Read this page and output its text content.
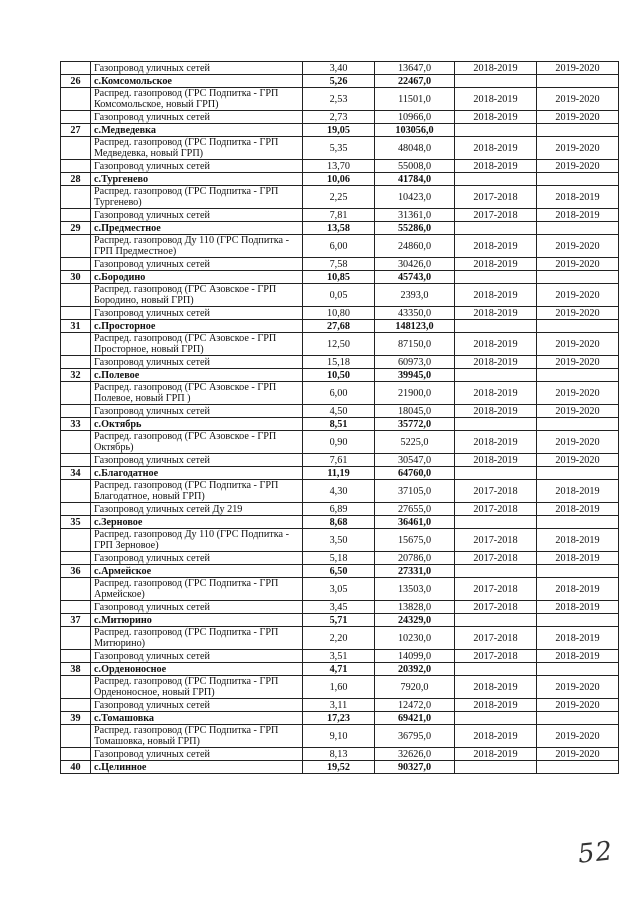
	Газопровод уличных сетей	3,40	13647,0	2018-2019	2019-2020
26	с.Комсомольское	5,26	22467,0		
	Распред. газопровод (ГРС Подпитка - ГРП Комсомольское, новый ГРП)	2,53	11501,0	2018-2019	2019-2020
	Газопровод уличных сетей	2,73	10966,0	2018-2019	2019-2020
27	с.Медведевка	19,05	103056,0		
	Распред. газопровод (ГРС Подпитка - ГРП Медведевка, новый ГРП)	5,35	48048,0	2018-2019	2019-2020
	Газопровод уличных сетей	13,70	55008,0	2018-2019	2019-2020
28	с.Тургенево	10,06	41784,0		
	Распред. газопровод (ГРС Подпитка - ГРП Тургенево)	2,25	10423,0	2017-2018	2018-2019
	Газопровод уличных сетей	7,81	31361,0	2017-2018	2018-2019
29	с.Предместное	13,58	55286,0		
	Распред. газопровод Ду 110 (ГРС Подпитка - ГРП Предместное)	6,00	24860,0	2018-2019	2019-2020
	Газопровод уличных сетей	7,58	30426,0	2018-2019	2019-2020
30	с.Бородино	10,85	45743,0		
	Распред. газопровод (ГРС Азовское - ГРП Бородино, новый ГРП)	0,05	2393,0	2018-2019	2019-2020
	Газопровод уличных сетей	10,80	43350,0	2018-2019	2019-2020
31	с.Просторное	27,68	148123,0		
	Распред. газопровод (ГРС Азовское - ГРП Просторное, новый ГРП)	12,50	87150,0	2018-2019	2019-2020
	Газопровод уличных сетей	15,18	60973,0	2018-2019	2019-2020
32	с.Полевое	10,50	39945,0		
	Распред. газопровод (ГРС Азовское - ГРП Полевое, новый ГРП )	6,00	21900,0	2018-2019	2019-2020
	Газопровод уличных сетей	4,50	18045,0	2018-2019	2019-2020
33	с.Октябрь	8,51	35772,0		
	Распред. газопровод (ГРС Азовское - ГРП Октябрь)	0,90	5225,0	2018-2019	2019-2020
	Газопровод уличных сетей	7,61	30547,0	2018-2019	2019-2020
34	с.Благодатное	11,19	64760,0		
	Распред. газопровод (ГРС Подпитка - ГРП Благодатное, новый ГРП)	4,30	37105,0	2017-2018	2018-2019
	Газопровод уличных сетей Ду 219	6,89	27655,0	2017-2018	2018-2019
35	с.Зерновое	8,68	36461,0		
	Распред. газопровод Ду 110 (ГРС Подпитка - ГРП Зерновое)	3,50	15675,0	2017-2018	2018-2019
	Газопровод уличных сетей	5,18	20786,0	2017-2018	2018-2019
36	с.Армейское	6,50	27331,0		
	Распред. газопровод (ГРС Подпитка - ГРП Армейское)	3,05	13503,0	2017-2018	2018-2019
	Газопровод уличных сетей	3,45	13828,0	2017-2018	2018-2019
37	с.Митюрино	5,71	24329,0		
	Распред. газопровод (ГРС Подпитка - ГРП Митюрино)	2,20	10230,0	2017-2018	2018-2019
	Газопровод уличных сетей	3,51	14099,0	2017-2018	2018-2019
38	с.Орденоносное	4,71	20392,0		
	Распред. газопровод (ГРС Подпитка - ГРП Орденоносное, новый ГРП)	1,60	7920,0	2018-2019	2019-2020
	Газопровод уличных сетей	3,11	12472,0	2018-2019	2019-2020
39	с.Томашовка	17,23	69421,0		
	Распред. газопровод (ГРС Подпитка - ГРП Томашовка, новый ГРП)	9,10	36795,0	2018-2019	2019-2020
	Газопровод уличных сетей	8,13	32626,0	2018-2019	2019-2020
40	с.Целинное	19,52	90327,0		
52
